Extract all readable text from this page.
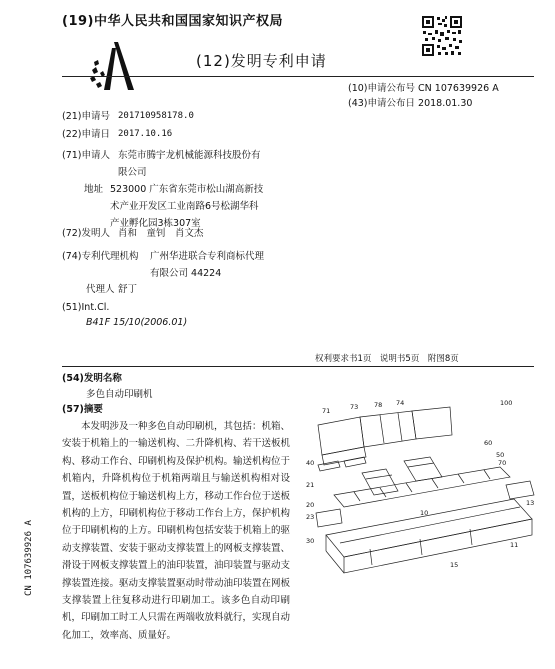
(19)中华人民共和国国家知识产权局
(12)发明专利申请
(10)申请公布号 CN 107639926 A
(43)申请公布日 2018.01.30
(21)申请号 201710958178.0
(22)申请日 2017.10.16
(71)申请人 东莞市腾宇龙机械能源科技股份有
限公司
地址 523000 广东省东莞市松山湖高新技
术产业开发区工业南路6号松湖华科
产业孵化园3栋307室
(72)发明人 肖和　童钊　肖文杰
(74)专利代理机构 广州华进联合专利商标代理
有限公司 44224
代理人 舒丁
(51)Int.Cl.
B41F 15/10(2006.01)
权利要求书1页　说明书5页　附图8页
(54)发明名称
多色自动印刷机
(57)摘要
本发明涉及一种多色自动印刷机，其包括：机箱、安装于机箱上的一输送机构、二升降机构、若干送板机构、移动工作台、印刷机构及保护机构。输送机构位于机箱内，升降机构位于机箱两端且与输送机构相对设置，送板机构位于输送机构上方，移动工作台位于送板机构的上方，印刷机构位于移动工作台上方，保护机构位于印刷机构的上方。印刷机构包括安装于机箱上的驱动支撑装置、安装于驱动支撑装置上的网板支撑装置、滑设于网板支撑装置上的油印装置，油印装置与驱动支撑装置连接。驱动支撑装置驱动时带动油印装置在网板支撑装置上往复移动进行印刷加工。该多色自动印刷机，印刷加工时工人只需在两端收放料就行，实现自动化加工，效率高、质量好。
CN 107639926 A
71	73 78 74	100
60
50
40	70
21
20
23
30
10
15
11
13
